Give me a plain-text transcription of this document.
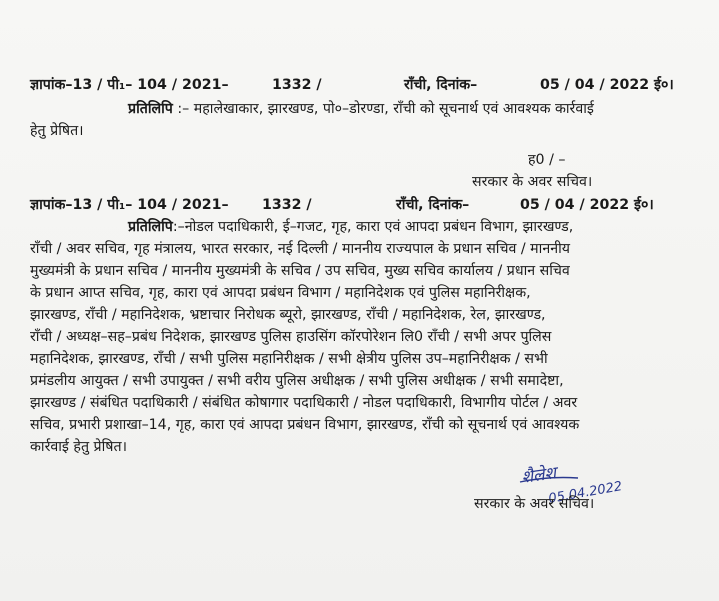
ज्ञापांक–13 / पी₁– 104 / 2021–	1332 /	राँची, दिनांक–	05 / 04 / 2022 ई०।
प्रतिलिपि :– महालेखाकार, झारखण्ड, पो०–डोरण्डा, राँची को सूचनार्थ एवं आवश्यक कार्रवाई
हेतु प्रेषित।
ह0 / –
सरकार के अवर सचिव।
ज्ञापांक–13 / पी₁– 104 / 2021– 1332 /	राँची, दिनांक–	05 / 04 / 2022 ई०।
प्रतिलिपि:–नोडल पदाधिकारी, ई–गजट, गृह, कारा एवं आपदा प्रबंधन विभाग, झारखण्ड,
राँची / अवर सचिव, गृह मंत्रालय, भारत सरकार, नई दिल्ली / माननीय राज्यपाल के प्रधान सचिव / माननीय
मुख्यमंत्री के प्रधान सचिव / माननीय मुख्यमंत्री के सचिव / उप सचिव, मुख्य सचिव कार्यालय / प्रधान सचिव
के प्रधान आप्त सचिव, गृह, कारा एवं आपदा प्रबंधन विभाग / महानिदेशक एवं पुलिस महानिरीक्षक,
झारखण्ड, राँची / महानिदेशक, भ्रष्टाचार निरोधक ब्यूरो, झारखण्ड, राँची / महानिदेशक, रेल, झारखण्ड,
राँची / अध्यक्ष–सह–प्रबंध निदेशक, झारखण्ड पुलिस हाउसिंग कॉरपोरेशन लि0 राँची / सभी अपर पुलिस
महानिदेशक, झारखण्ड, राँची / सभी पुलिस महानिरीक्षक / सभी क्षेत्रीय पुलिस उप–महानिरीक्षक / सभी
प्रमंडलीय आयुक्त / सभी उपायुक्त / सभी वरीय पुलिस अधीक्षक / सभी पुलिस अधीक्षक / सभी समादेष्टा,
झारखण्ड / संबंधित पदाधिकारी / संबंधित कोषागार पदाधिकारी / नोडल पदाधिकारी, विभागीय पोर्टल / अवर
सचिव, प्रभारी प्रशाखा–14, गृह, कारा एवं आपदा प्रबंधन विभाग, झारखण्ड, राँची को सूचनार्थ एवं आवश्यक
कार्रवाई हेतु प्रेषित।
शैलेश
05.04.2022
सरकार के अवर सचिव।
